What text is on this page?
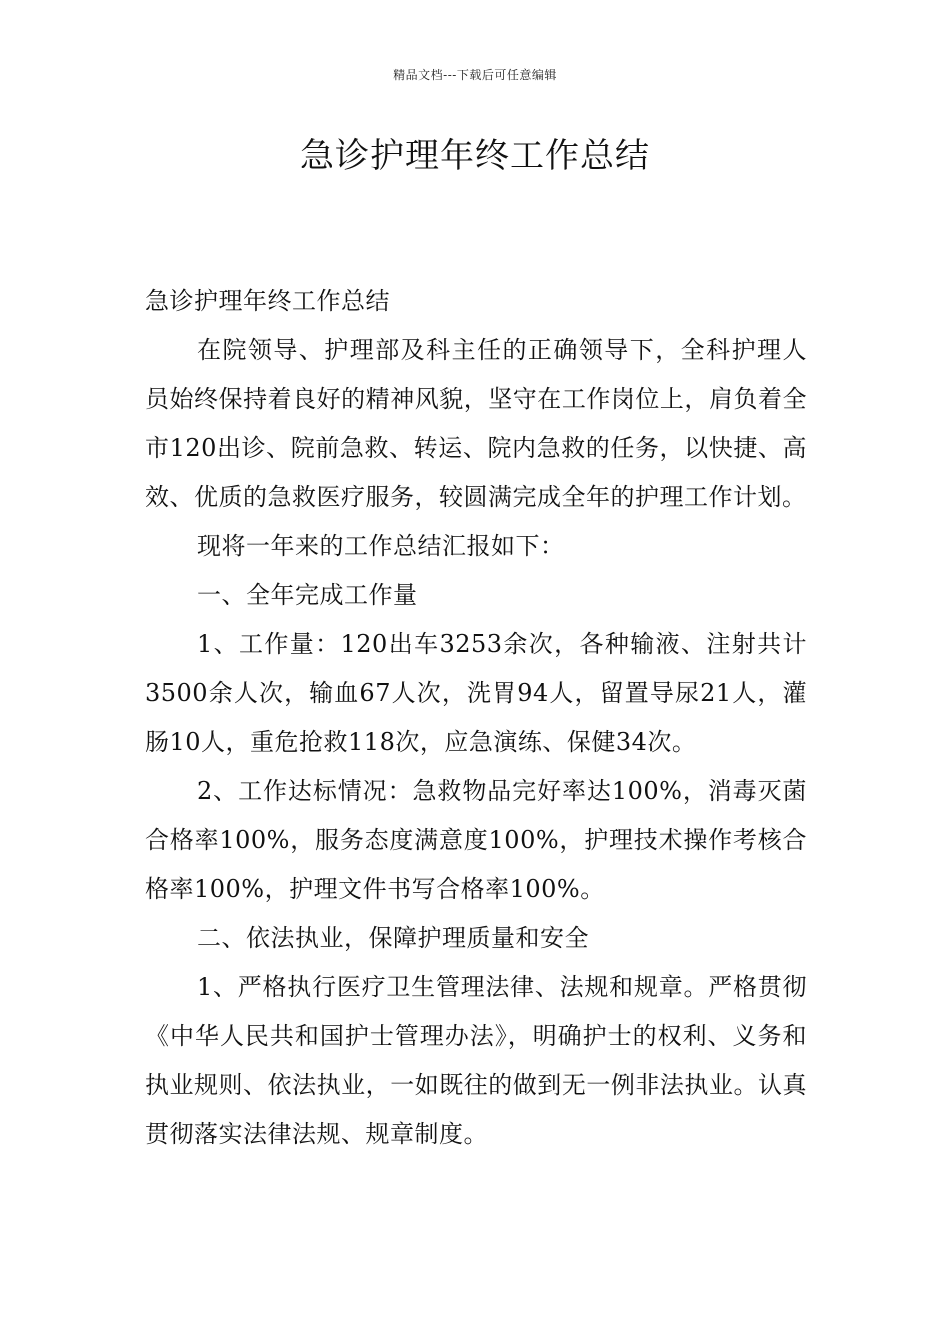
精品文档---下载后可任意编辑
急诊护理年终工作总结

急诊护理年终工作总结

在院领导、护理部及科主任的正确领导下，全科护理人员始终保持着良好的精神风貌，坚守在工作岗位上，肩负着全市120出诊、院前急救、转运、院内急救的任务，以快捷、高效、优质的急救医疗服务，较圆满完成全年的护理工作计划。

现将一年来的工作总结汇报如下：

一、全年完成工作量

1、工作量：120出车3253余次，各种输液、注射共计3500余人次，输血67人次，洗胃94人，留置导尿21人，灌肠10人，重危抢救118次，应急演练、保健34次。

2、工作达标情况：急救物品完好率达100%，消毒灭菌合格率100%，服务态度满意度100%，护理技术操作考核合格率100%，护理文件书写合格率100%。

二、依法执业，保障护理质量和安全

1、严格执行医疗卫生管理法律、法规和规章。严格贯彻《中华人民共和国护士管理办法》，明确护士的权利、义务和执业规则、依法执业，一如既往的做到无一例非法执业。认真贯彻落实法律法规、规章制度。
